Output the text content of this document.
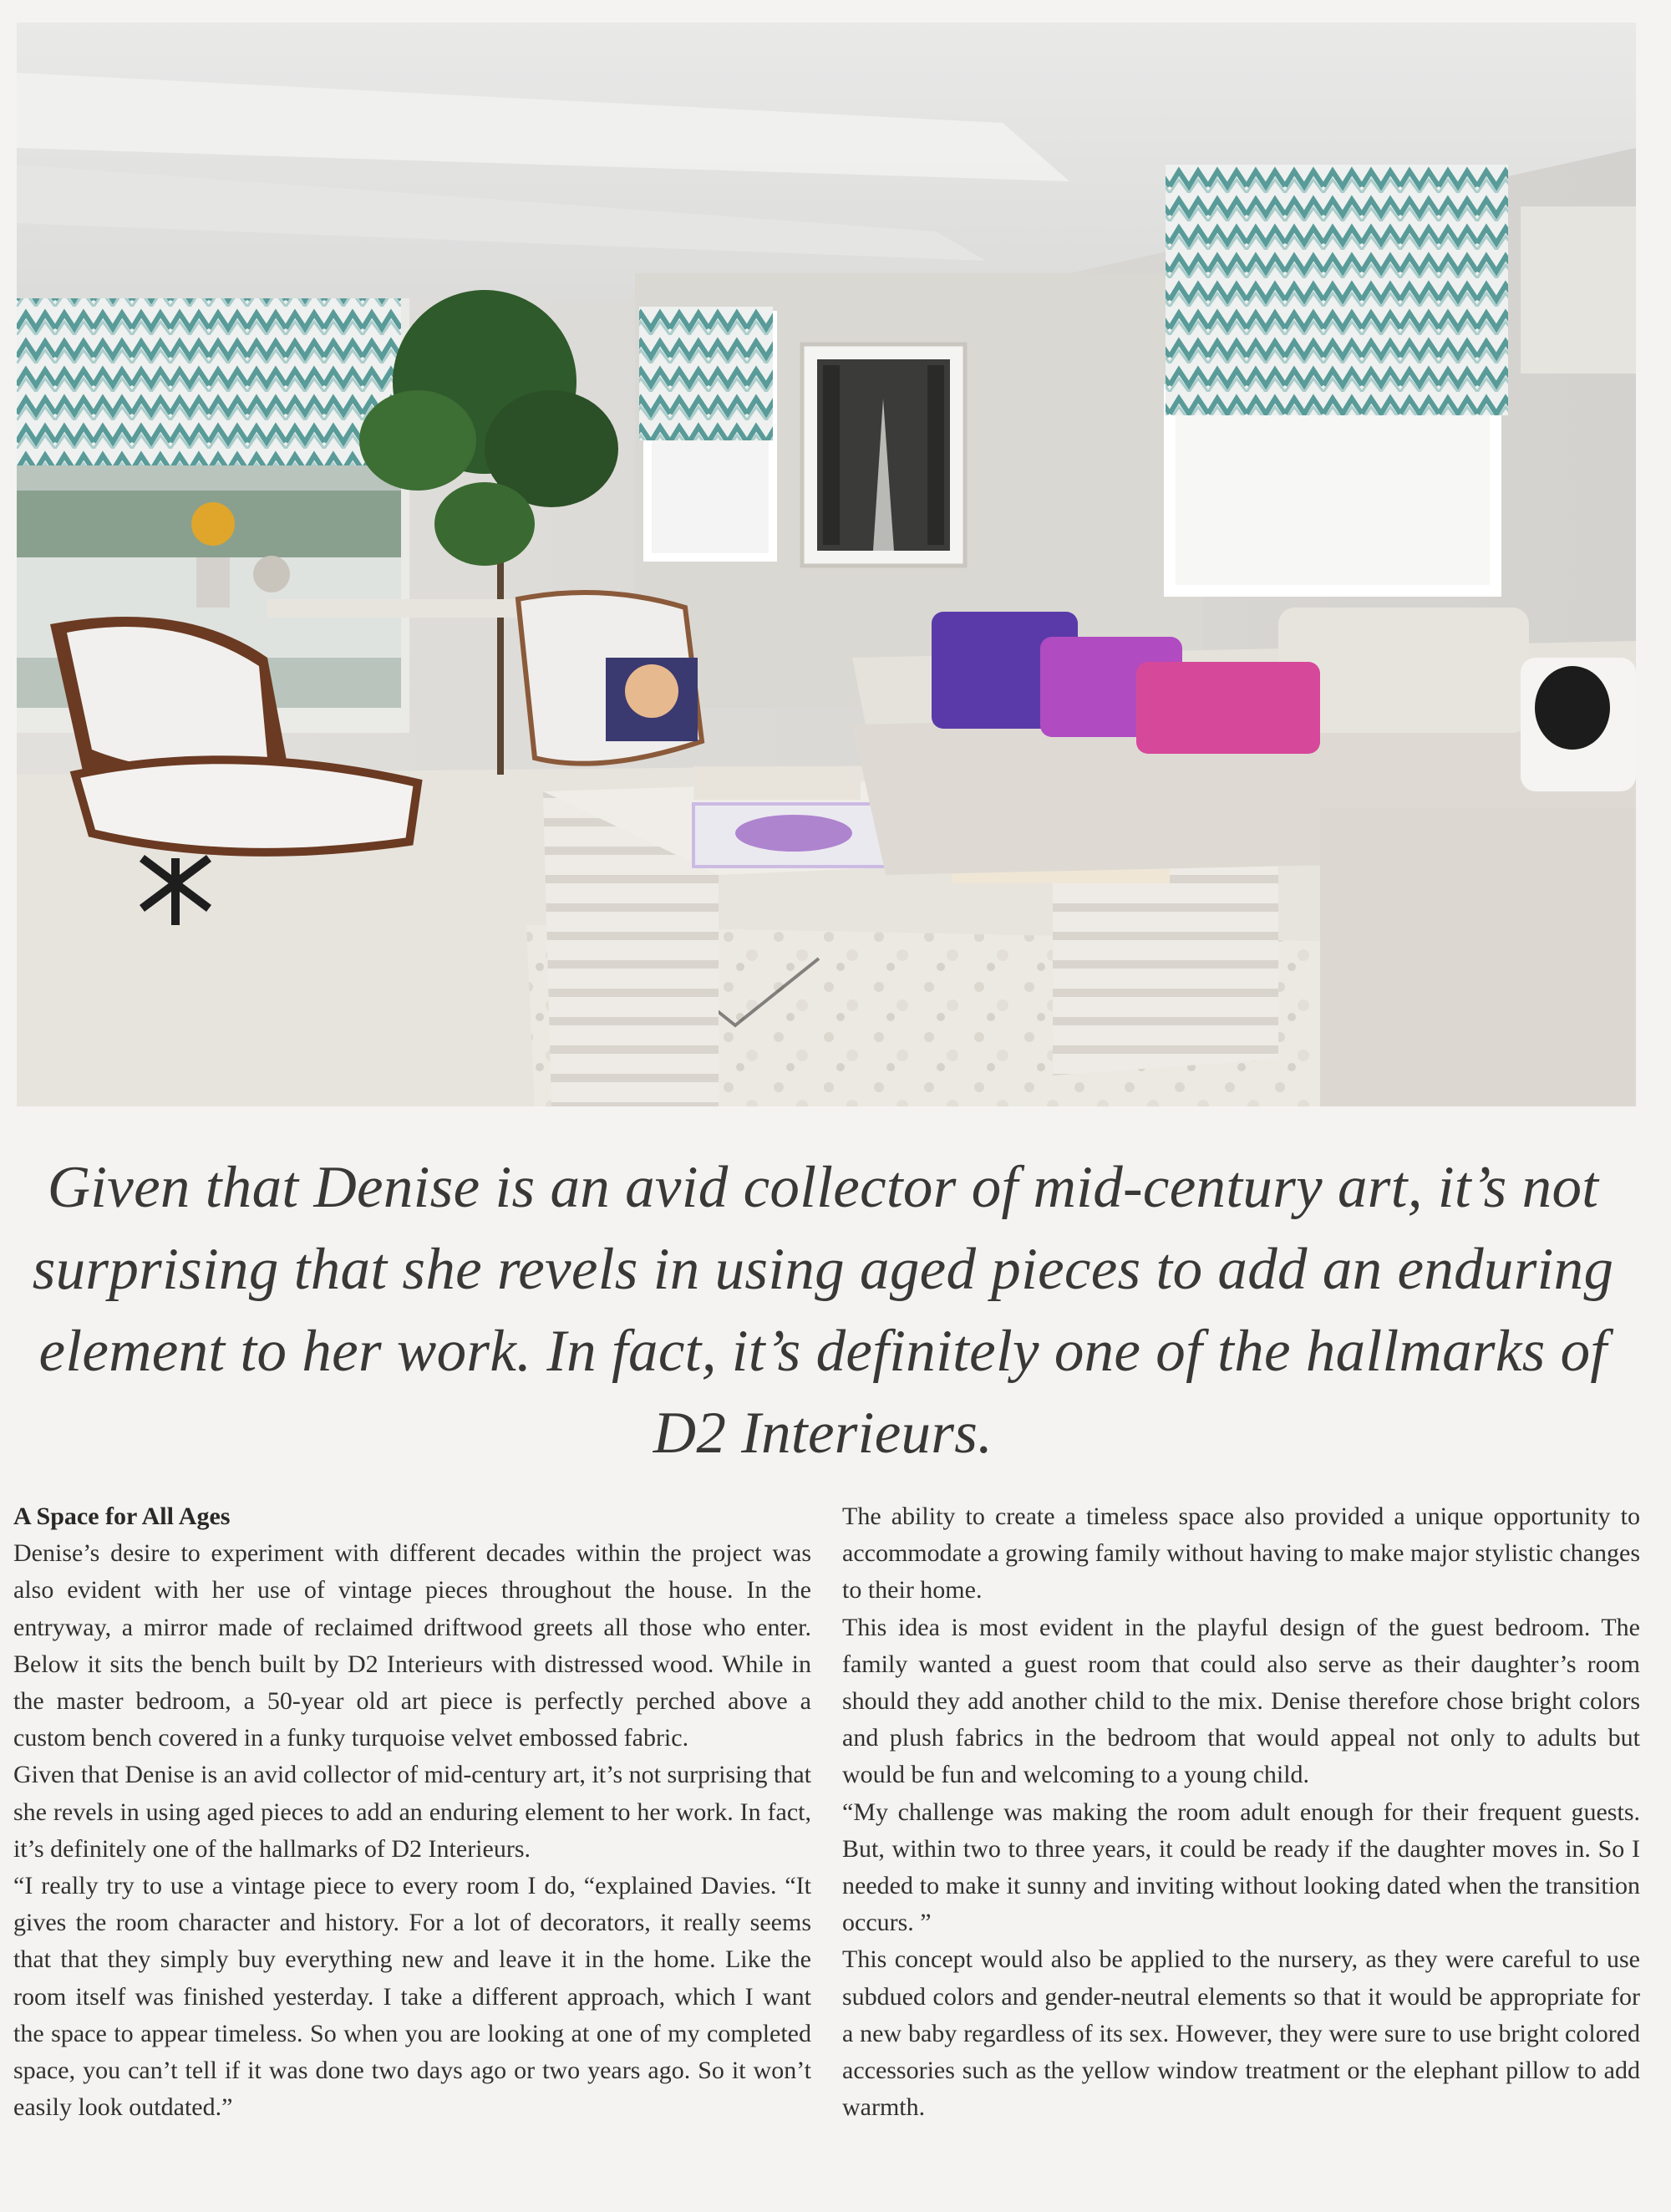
Given that Denise is an avid collector of mid-century art, it’s not surprising that she revels in using aged pieces to add an enduring element to her work. In fact, it’s definitely one of the hallmarks of D2 Interieurs.

A Space for All Ages

Denise’s desire to experiment with different decades within the project was also evident with her use of vintage pieces throughout the house. In the entryway, a mirror made of reclaimed driftwood greets all those who enter. Below it sits the bench built by D2 Interieurs with distressed wood. While in the master bedroom, a 50-year old art piece is perfectly perched above a custom bench covered in a funky turquoise velvet embossed fabric.

Given that Denise is an avid collector of mid-century art, it’s not surprising that she revels in using aged pieces to add an enduring element to her work. In fact, it’s definitely one of the hallmarks of D2 Interieurs.

“I really try to use a vintage piece to every room I do, “explained Davies. “It gives the room character and history. For a lot of decorators, it really seems that that they simply buy everything new and leave it in the home. Like the room itself was finished yesterday. I take a different approach, which I want the space to appear timeless. So when you are looking at one of my completed space, you can’t tell if it was done two days ago or two years ago. So it won’t easily look outdated.”

The ability to create a timeless space also provided a unique opportunity to accommodate a growing family without having to make major stylistic changes to their home.

This idea is most evident in the playful design of the guest bedroom. The family wanted a guest room that could also serve as their daughter’s room should they add another child to the mix. Denise therefore chose bright colors and plush fabrics in the bedroom that would appeal not only to adults but would be fun and welcoming to a young child.

“My challenge was making the room adult enough for their frequent guests. But, within two to three years, it could be ready if the daughter moves in. So I needed to make it sunny and inviting without looking dated when the transition occurs. ”

This concept would also be applied to the nursery, as they were careful to use subdued colors and gender-neutral elements so that it would be appropriate for a new baby regardless of its sex. However, they were sure to use bright colored accessories such as the yellow window treatment or the elephant pillow to add warmth.
